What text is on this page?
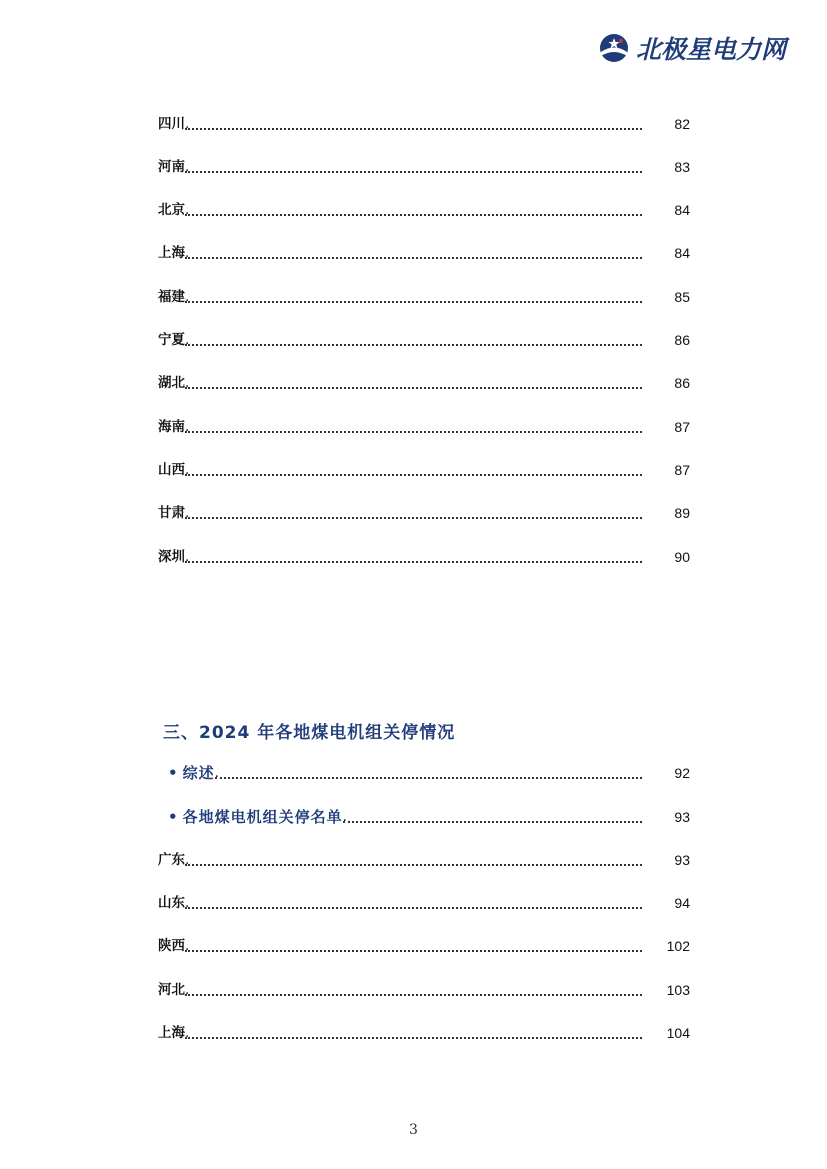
北极星电力网
四川 .	82
河南 .	83
北京 .	84
上海 .	84
福建 .	85
宁夏 .	86
湖北 .	86
海南 .	87
山西 .	87
甘肃 .	89
深圳 .	90
三、2024 年各地煤电机组关停情况
• 综述 .	92
• 各地煤电机组关停名单 .	93
广东 .	93
山东 .	94
陕西 .	102
河北 .	103
上海 .	104
3
